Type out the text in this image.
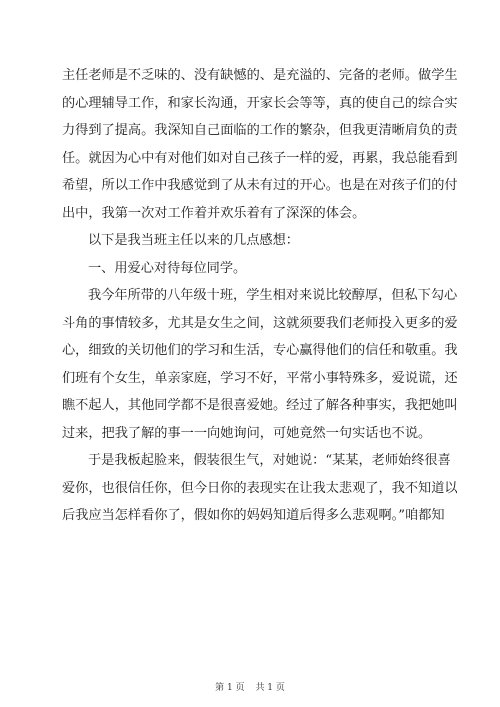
主任老师是不乏味的、没有缺憾的、是充溢的、完备的老师。做学生
的心理辅导工作，和家长沟通，开家长会等等，真的使自己的综合实
力得到了提高。我深知自己面临的工作的繁杂，但我更清晰肩负的责
任。就因为心中有对他们如对自己孩子一样的爱，再累，我总能看到
希望，所以工作中我感觉到了从未有过的开心。也是在对孩子们的付
出中，我第一次对工作着并欢乐着有了深深的体会。
以下是我当班主任以来的几点感想：
一、用爱心对待每位同学。
我今年所带的八年级十班，学生相对来说比较醇厚，但私下勾心
斗角的事情较多，尤其是女生之间，这就须要我们老师投入更多的爱
心，细致的关切他们的学习和生活，专心赢得他们的信任和敬重。我
们班有个女生，单亲家庭，学习不好，平常小事特殊多，爱说谎，还
瞧不起人，其他同学都不是很喜爱她。经过了解各种事实，我把她叫
过来，把我了解的事一一向她询问，可她竟然一句实话也不说。
于是我板起脸来，假装很生气，对她说：“某某，老师始终很喜
爱你，也很信任你，但今日你的表现实在让我太悲观了，我不知道以
后我应当怎样看你了，假如你的妈妈知道后得多么悲观啊。”咱都知
第 1 页 共 1 页
